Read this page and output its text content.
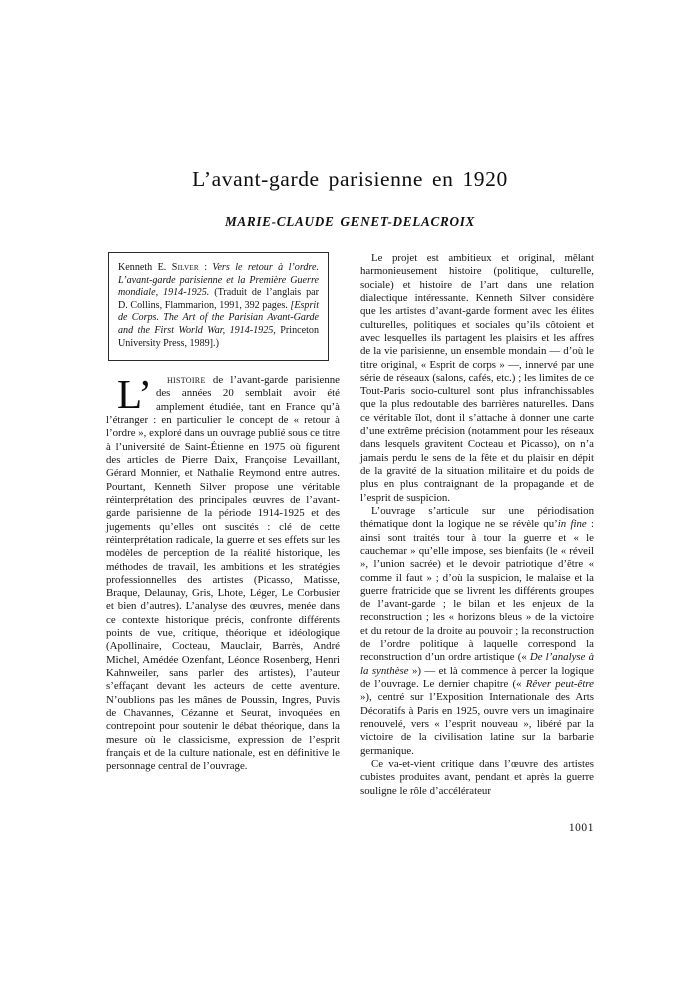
L’avant-garde parisienne en 1920
MARIE-CLAUDE GENET-DELACROIX

Kenneth E. Silver : Vers le retour à l’ordre. L’avant-garde parisienne et la Première Guerre mondiale, 1914-1925. (Traduit de l’anglais par D. Collins, Flammarion, 1991, 392 pages. [Esprit de Corps. The Art of the Parisian Avant-Garde and the First World War, 1914-1925, Princeton University Press, 1989].)

L’ histoire de l’avant-garde parisienne des années 20 semblait avoir été amplement étudiée, tant en France qu’à l’étranger : en particulier le concept de « retour à l’ordre », exploré dans un ouvrage publié sous ce titre à l’université de Saint-Étienne en 1975 où figurent des articles de Pierre Daix, Françoise Levaillant, Gérard Monnier, et Nathalie Reymond entre autres. Pourtant, Kenneth Silver propose une véritable réinterprétation des principales œuvres de l’avant-garde parisienne de la période 1914-1925 et des jugements qu’elles ont suscités : clé de cette réinterprétation radicale, la guerre et ses effets sur les modèles de perception de la réalité historique, les méthodes de travail, les ambitions et les stratégies professionnelles des artistes (Picasso, Matisse, Braque, Delaunay, Gris, Lhote, Léger, Le Corbusier et bien d’autres). L’analyse des œuvres, menée dans ce contexte historique précis, confronte différents points de vue, critique, théorique et idéologique (Apollinaire, Cocteau, Mauclair, Barrès, André Michel, Amédée Ozenfant, Léonce Rosenberg, Henri Kahnweiler, sans parler des artistes), l’auteur s’effaçant devant les acteurs de cette aventure. N’oublions pas les mânes de Poussin, Ingres, Puvis de Chavannes, Cézanne et Seurat, invoquées en contrepoint pour soutenir le débat théorique, dans la mesure où le classicisme, expression de l’esprit français et de la culture nationale, est en définitive le personnage central de l’ouvrage.

Le projet est ambitieux et original, mêlant harmonieusement histoire (politique, culturelle, sociale) et histoire de l’art dans une relation dialectique intéressante. Kenneth Silver considère que les artistes d’avant-garde forment avec les élites culturelles, politiques et sociales qu’ils côtoient et avec lesquelles ils partagent les plaisirs et les affres de la vie parisienne, un ensemble mondain — d’où le titre original, « Esprit de corps » —, innervé par une série de réseaux (salons, cafés, etc.) ; les limites de ce Tout-Paris socio-culturel sont plus infranchissables que la plus redoutable des barrières naturelles. Dans ce véritable îlot, dont il s’attache à donner une carte d’une extrême précision (notamment pour les réseaux dans lesquels gravitent Cocteau et Picasso), on n’a jamais perdu le sens de la fête et du plaisir en dépit de la gravité de la situation militaire et du poids de plus en plus contraignant de la propagande et de l’esprit de suspicion.

L’ouvrage s’articule sur une périodisation thématique dont la logique ne se révèle qu’in fine : ainsi sont traités tour à tour la guerre et « le cauchemar » qu’elle impose, ses bienfaits (le « réveil », l’union sacrée) et le devoir patriotique d’être « comme il faut » ; d’où la suspicion, le malaise et la guerre fratricide que se livrent les différents groupes de l’avant-garde ; le bilan et les enjeux de la reconstruction ; les « horizons bleus » de la victoire et du retour de la droite au pouvoir ; la reconstruction de l’ordre politique à laquelle correspond la reconstruction d’un ordre artistique (« De l’analyse à la synthèse ») — et là commence à percer la logique de l’ouvrage. Le dernier chapitre (« Rêver peut-être »), centré sur l’Exposition Internationale des Arts Décoratifs à Paris en 1925, ouvre vers un imaginaire renouvelé, vers « l’esprit nouveau », libéré par la victoire de la civilisation latine sur la barbarie germanique.

Ce va-et-vient critique dans l’œuvre des artistes cubistes produites avant, pendant et après la guerre souligne le rôle d’accélérateur

1001
